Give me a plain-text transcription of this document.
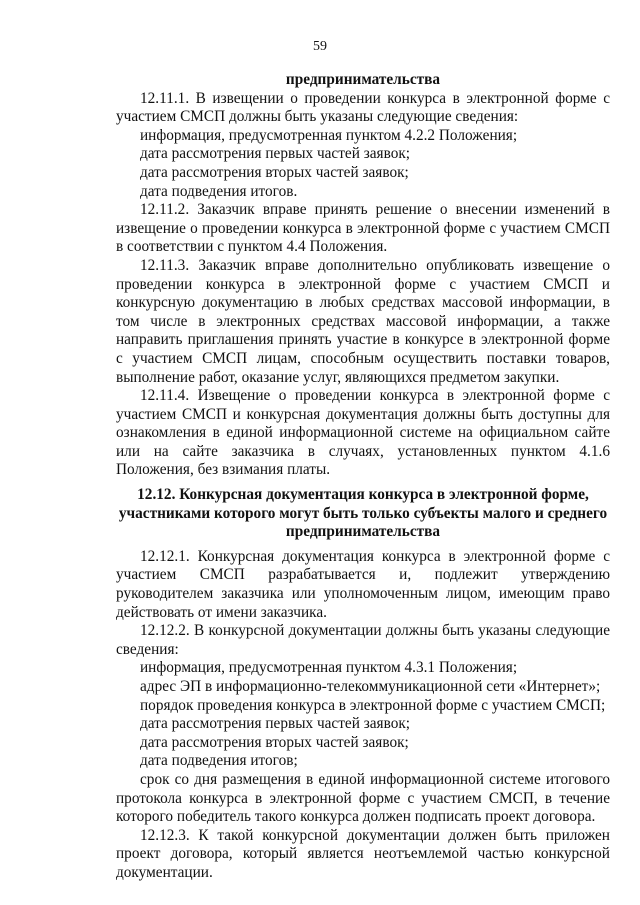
59

предпринимательства

12.11.1. В извещении о проведении конкурса в электронной форме с участием СМСП должны быть указаны следующие сведения:

информация, предусмотренная пунктом 4.2.2 Положения;

дата рассмотрения первых частей заявок;

дата рассмотрения вторых частей заявок;

дата подведения итогов.

12.11.2. Заказчик вправе принять решение о внесении изменений в извещение о проведении конкурса в электронной форме с участием СМСП в соответствии с пунктом 4.4 Положения.

12.11.3. Заказчик вправе дополнительно опубликовать извещение о проведении конкурса в электронной форме с участием СМСП и конкурсную документацию в любых средствах массовой информации, в том числе в электронных средствах массовой информации, а также направить приглашения принять участие в конкурсе в электронной форме с участием СМСП лицам, способным осуществить поставки товаров, выполнение работ, оказание услуг, являющихся предметом закупки.

12.11.4. Извещение о проведении конкурса в электронной форме с участием СМСП и конкурсная документация должны быть доступны для ознакомления в единой информационной системе на официальном сайте или на сайте заказчика в случаях, установленных пунктом 4.1.6 Положения, без взимания платы.

12.12. Конкурсная документация конкурса в электронной форме,
участниками которого могут быть только субъекты малого и среднего
предпринимательства

12.12.1. Конкурсная документация конкурса в электронной форме с участием СМСП разрабатывается и, подлежит утверждению руководителем заказчика или уполномоченным лицом, имеющим право действовать от имени заказчика.

12.12.2. В конкурсной документации должны быть указаны следующие сведения:

информация, предусмотренная пунктом 4.3.1 Положения;

адрес ЭП в информационно-телекоммуникационной сети «Интернет»;

порядок проведения конкурса в электронной форме с участием СМСП;

дата рассмотрения первых частей заявок;

дата рассмотрения вторых частей заявок;

дата подведения итогов;

срок со дня размещения в единой информационной системе итогового протокола конкурса в электронной форме с участием СМСП, в течение которого победитель такого конкурса должен подписать проект договора.

12.12.3. К такой конкурсной документации должен быть приложен проект договора, который является неотъемлемой частью конкурсной документации.
